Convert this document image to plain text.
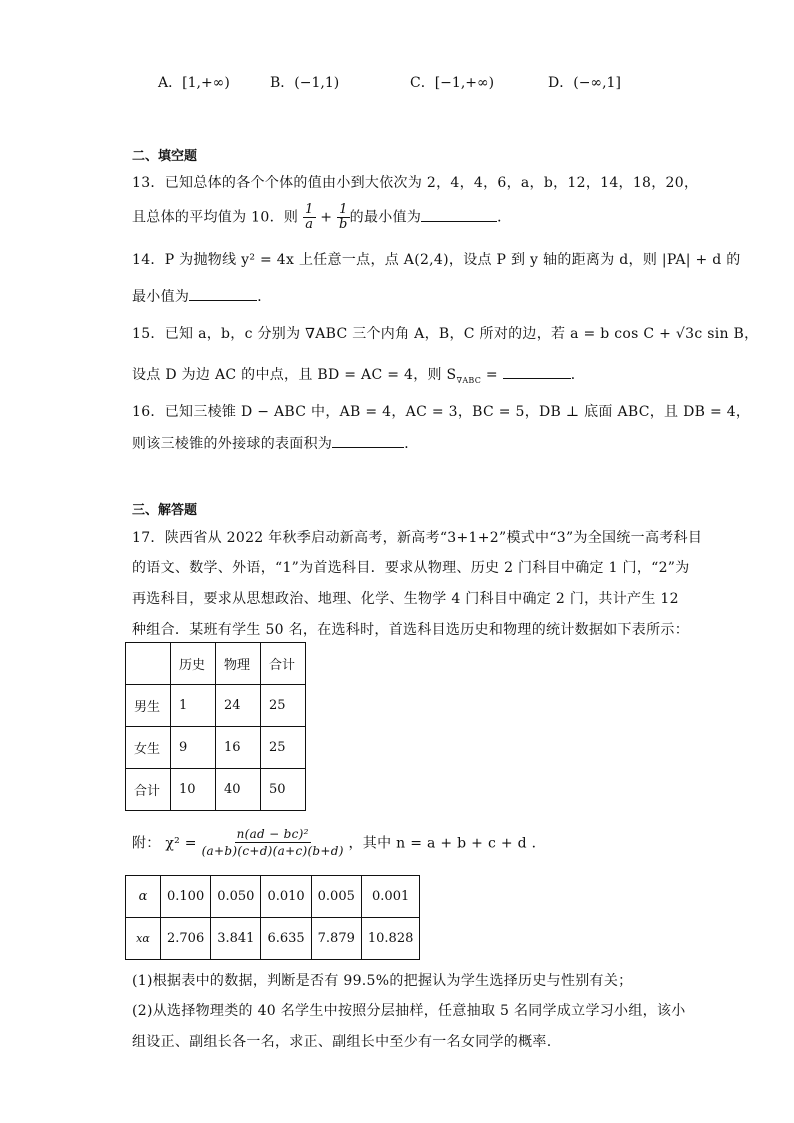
A．[1,+∞)	B．(−1,1)	C．[−1,+∞)	D．(−∞,1]
二、填空题
13．已知总体的各个个体的值由小到大依次为 2，4，4，6，a，b，12，14，18，20，
且总体的平均值为 10．则 $\frac{1}{a} + \frac{1}{b}$ 的最小值为	．
14．P 为抛物线 y² = 4x 上任意一点，点 A(2,4)，设点 P 到 y 轴的距离为 d，则 |PA| + d 的
最小值为	．
15．已知 a，b，c 分别为 ∇ABC 三个内角 A，B，C 所对的边，若 a = b cos C + √3c sin B，
设点 D 为边 AC 的中点，且 BD = AC = 4，则 $S_{\nabla ABC}$ =	．
16．已知三棱锥 D − ABC 中，AB = 4，AC = 3，BC = 5，DB ⊥ 底面 ABC，且 DB = 4，
则该三棱锥的外接球的表面积为	．
三、解答题
17．陕西省从 2022 年秋季启动新高考，新高考“3+1+2”模式中“3”为全国统一高考科目
的语文、数学、外语，“1”为首选科目．要求从物理、历史 2 门科目中确定 1 门，“2”为
再选科目，要求从思想政治、地理、化学、生物学 4 门科目中确定 2 门，共计产生 12
种组合．某班有学生 50 名，在选科时，首选科目选历史和物理的统计数据如下表所示：
	历史	物理	合计
男生	1	24	25
女生	9	16	25
合计	10	40	50
附： $\chi^2 = \frac{\text{n(ad − bc)²}}{(a+b)(c+d)(a+c)(b+d)}$ ，其中 n = a + b + c + d ．
α	0.100	0.050	0.010	0.005	0.001
xα	2.706	3.841	6.635	7.879	10.828
(1)根据表中的数据，判断是否有 99.5%的把握认为学生选择历史与性别有关；
(2)从选择物理类的 40 名学生中按照分层抽样，任意抽取 5 名同学成立学习小组，该小
组设正、副组长各一名，求正、副组长中至少有一名女同学的概率.
